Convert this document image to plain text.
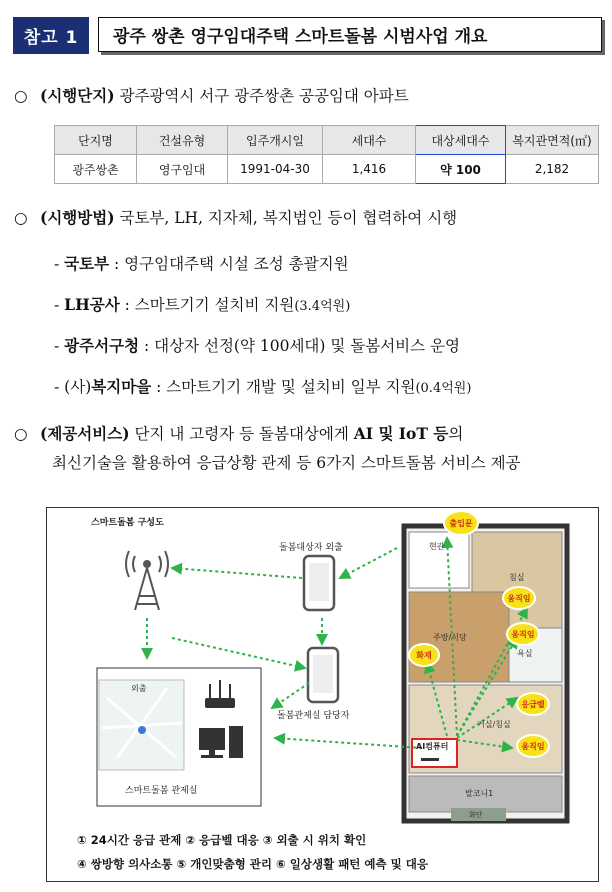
참고 1	광주 쌍촌 영구임대주택 스마트돌봄 시범사업 개요
○ (시행단지) 광주광역시 서구 광주쌍촌 공공임대 아파트
단지명	건설유형	입주개시일	세대수	대상세대수	복지관면적(㎡)
광주쌍촌	영구임대	1991-04-30	1,416	약 100	2,182
○ (시행방법) 국토부, LH, 지자체, 복지법인 등이 협력하여 시행
- 국토부 : 영구임대주택 시설 조성 총괄지원
- LH공사 : 스마트기기 설치비 지원(3.4억원)
- 광주서구청 : 대상자 선정(약 100세대) 및 돌봄서비스 운영
- (사)복지마을 : 스마트기기 개발 및 설치비 일부 지원(0.4억원)
○ (제공서비스) 단지 내 고령자 등 돌봄대상에게 AI 및 IoT 등의
최신기술을 활용하여 응급상황 관제 등 6가지 스마트돌봄 서비스 제공
스마트돌봄 구성도
돌봄대상자 외출
돌봄관제실 담당자
외출
스마트돌봄 관제실
현관
침실
주방/식당
욕실
거실/침실
발코니1
화단
AI컴퓨터
출입문
움직임
움직임
화재
응급벨
움직임
① 24시간 응급 관제 ② 응급벨 대응 ③ 외출 시 위치 확인
④ 쌍방향 의사소통 ⑤ 개인맞춤형 관리 ⑥ 일상생활 패턴 예측 및 대응
